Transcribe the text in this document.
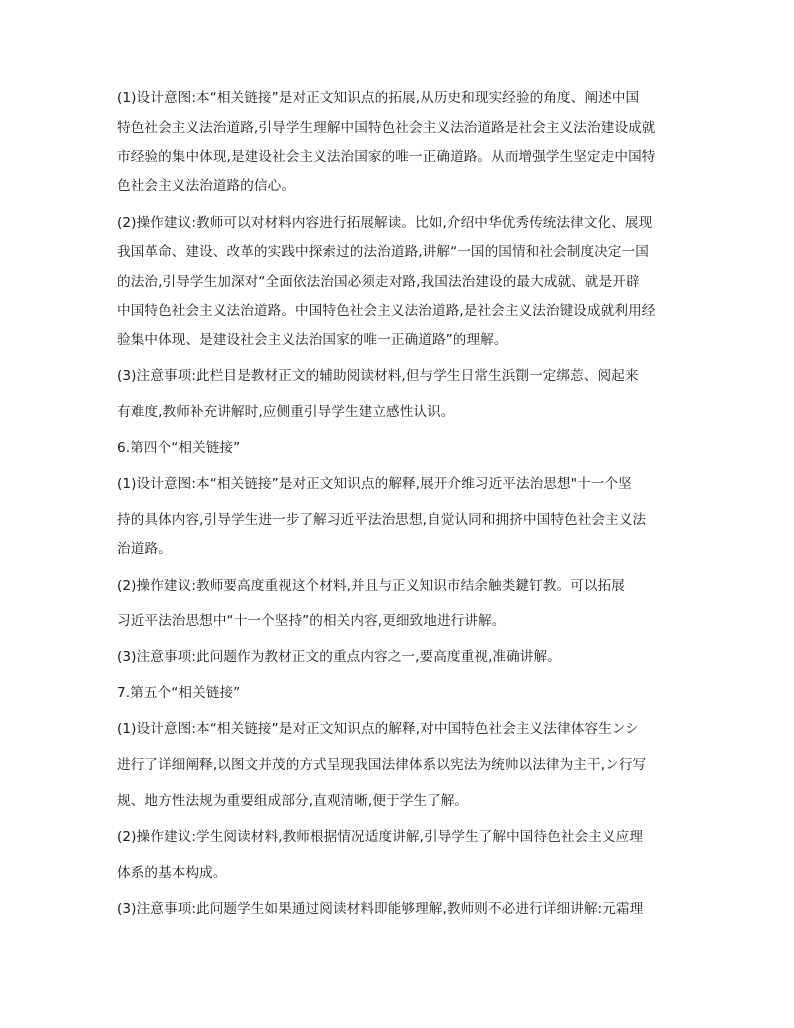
(1)设计意图:本“相关链接”是对正文知识点的拓展,从历史和现实经验的角度、阐述中国
特色社会主义法治道路,引导学生理解中国特色社会主义法治道路是社会主义法治建设成就
市经验的集中体现,是建设社会主义法治国家的唯一正确道路。从而增强学生坚定走中国特
色社会主义法治道路的信心。
(2)操作建议:教师可以对材料内容进行拓展解读。比如,介绍中华优秀传统法律文化、展现
我国革命、建设、改革的实践中探索过的法治道路,讲解“一国的国情和社会制度决定一国
的法治,引导学生加深对“全面依法治国必须走对路,我国法治建设的最大成就、就是开辟
中国特色社会主义法治道路。中国特色社会主义法治道路,是社会主义法治键设成就利用经
验集中体现、是建设社会主义法治国家的唯一正确道路”的理解。
(3)注意事项:此栏目是教材正文的辅助阅读材料,但与学生日常生浜劕一定绑莣、阅起来
有难度,教师补充讲解时,应侧重引导学生建立感性认识。
6.第四个“相关链接”
(1)设计意图:本“相关链接”是对正文知识点的解释,展开介维习近平法治思想"十一个坚
持的具体内容,引导学生进一步了解习近平法治思想,自觉认同和拥挤中国特色社会主义法
治道路。
(2)操作建议:教师要高度重视这个材料,并且与正义知识市结余触类鍵钉教。可以拓展
习近平法治思想中“十一个坚持”的相关内容,更细致地进行讲解。
(3)注意事项:此问题作为教材正文的重点内容之一,要高度重视,准确讲解。
7.第五个“相关链接”
(1)设计意图:本“相关链接”是对正文知识点的解释,对中国特色社会主义法律体容生ンシ
进行了详细阐释,以图文并茂的方式呈现我国法律体系以宪法为统帅以法律为主干,ン行写
规、地方性法规为重要组成部分,直观清晰,便于学生了解。
(2)操作建议:学生阅读材料,教师根据情况适度讲解,引导学生了解中国待色社会主义应理
体系的基本构成。
(3)注意事项:此问题学生如果通过阅读材料即能够理解,教师则不必进行详细讲解:元霜理
